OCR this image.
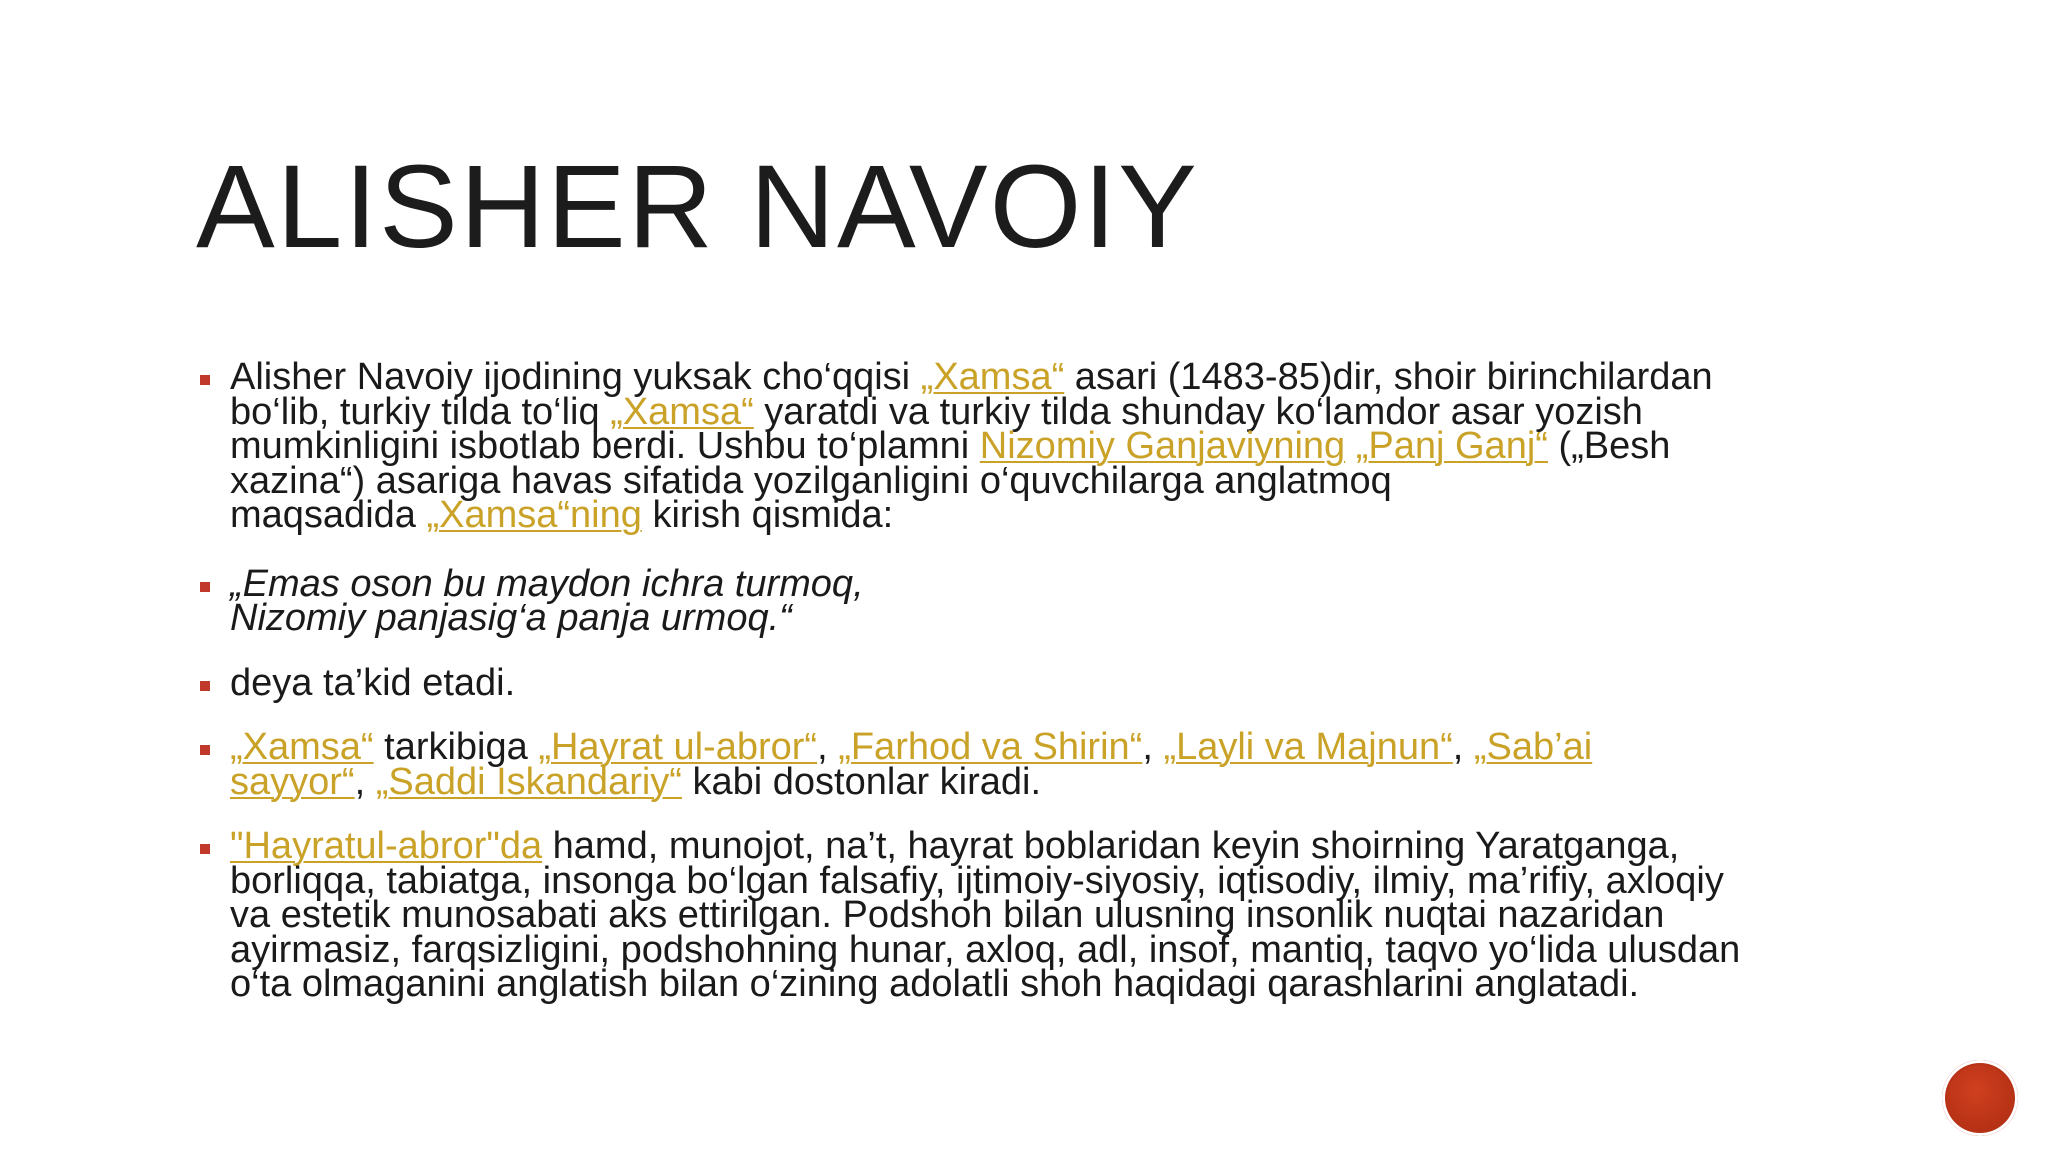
ALISHER NAVOIY
Alisher Navoiy ijodining yuksak cho‘qqisi „Xamsa“ asari (1483-85)dir, shoir birinchilardan
bo‘lib, turkiy tilda to‘liq „Xamsa“ yaratdi va turkiy tilda shunday ko‘lamdor asar yozish
mumkinligini isbotlab berdi. Ushbu to‘plamni Nizomiy Ganjaviyning „Panj Ganj“ („Besh
xazina“) asariga havas sifatida yozilganligini o‘quvchilarga anglatmoq
maqsadida „Xamsa“ning kirish qismida:
„Emas oson bu maydon ichra turmoq,
Nizomiy panjasig‘a panja urmoq.“
deya ta’kid etadi.
„Xamsa“ tarkibiga „Hayrat ul-abror“, „Farhod va Shirin“, „Layli va Majnun“, „Sab’ai
sayyor“, „Saddi Iskandariy“ kabi dostonlar kiradi.
"Hayratul-abror"da hamd, munojot, na’t, hayrat boblaridan keyin shoirning Yaratganga,
borliqqa, tabiatga, insonga bo‘lgan falsafiy, ijtimoiy-siyosiy, iqtisodiy, ilmiy, ma’rifiy, axloqiy
va estetik munosabati aks ettirilgan. Podshoh bilan ulusning insonlik nuqtai nazaridan
ayirmasiz, farqsizligini, podshohning hunar, axloq, adl, insof, mantiq, taqvo yo‘lida ulusdan
o‘ta olmaganini anglatish bilan o‘zining adolatli shoh haqidagi qarashlarini anglatadi.
